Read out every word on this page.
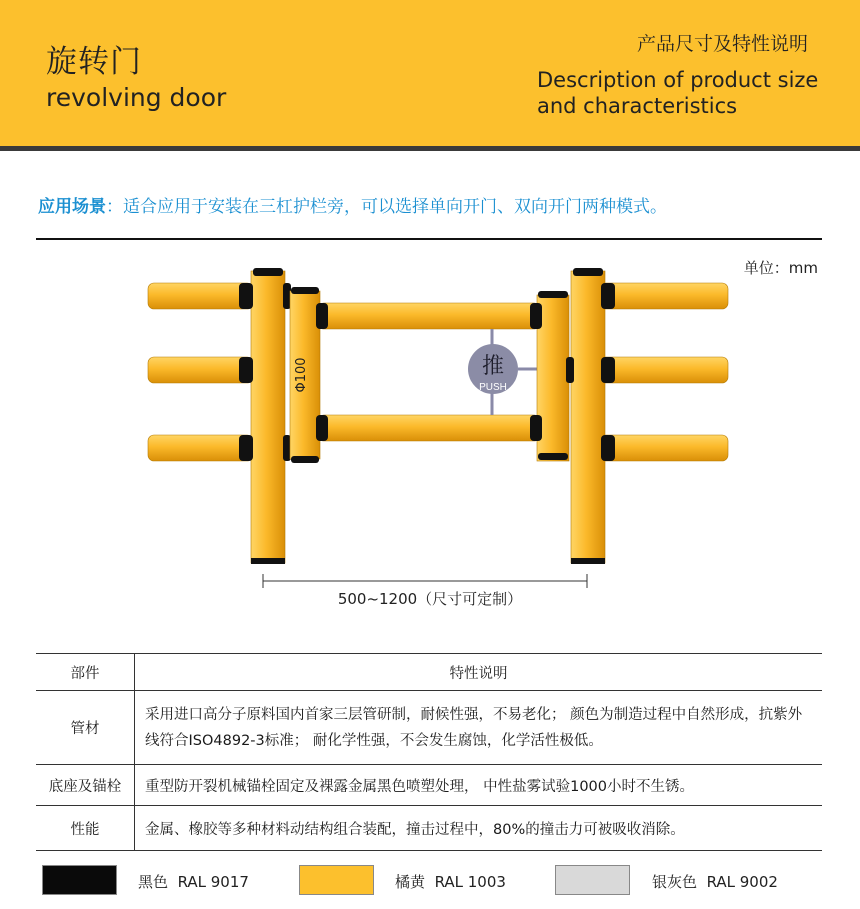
旋转门
revolving door
产品尺寸及特性说明
Description of product size and characteristics
应用场景：适合应用于安装在三杠护栏旁，可以选择单向开门、双向开门两种模式。
单位：mm
推
PUSH
Φ100
500~1200（尺寸可定制）
部件	特性说明
管材	采用进口高分子原料国内首家三层管研制，耐候性强，不易老化； 颜色为制造过程中自然形成，抗紫外线符合ISO4892-3标准； 耐化学性强，不会发生腐蚀，化学活性极低。
底座及锚栓	重型防开裂机械锚栓固定及裸露金属黑色喷塑处理， 中性盐雾试验1000小时不生锈。
性能	金属、橡胶等多种材料动结构组合装配，撞击过程中，80%的撞击力可被吸收消除。
黑色 RAL 9017	橘黄 RAL 1003	银灰色 RAL 9002
